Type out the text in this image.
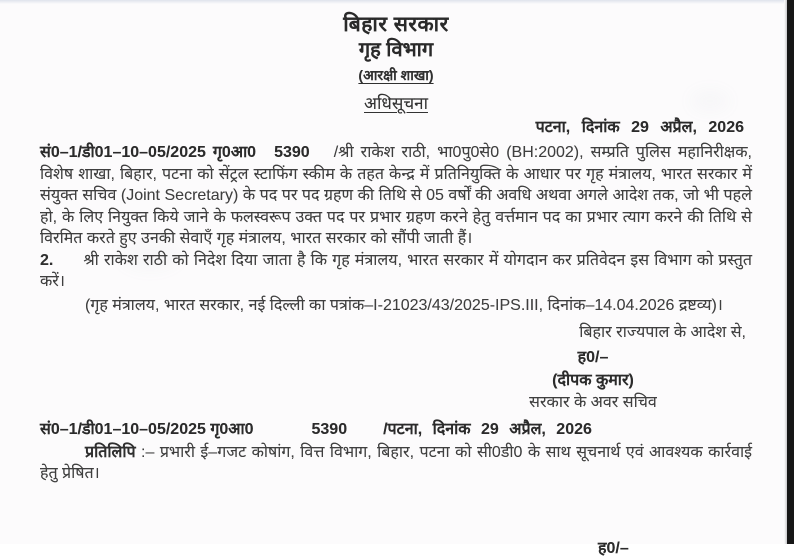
बिहार सरकार
गृह विभाग
(आरक्षी शाखा)
अधिसूचना
पटना, दिनांक 29 अप्रैल, 2026
सं0–1/डी01–10–05/2025 गृ0आ0 5390 /श्री राकेश राठी, भा0पु0से0 (BH:2002), सम्प्रति पुलिस महानिरीक्षक, विशेष शाखा, बिहार, पटना को सेंट्रल स्टाफिंग स्कीम के तहत केन्द्र में प्रतिनियुक्ति के आधार पर गृह मंत्रालय, भारत सरकार में संयुक्त सचिव (Joint Secretary) के पद पर पद ग्रहण की तिथि से 05 वर्षों की अवधि अथवा अगले आदेश तक, जो भी पहले हो, के लिए नियुक्त किये जाने के फलस्वरूप उक्त पद पर प्रभार ग्रहण करने हेतु वर्त्तमान पद का प्रभार त्याग करने की तिथि से विरमित करते हुए उनकी सेवाएँ गृह मंत्रालय, भारत सरकार को सौंपी जाती हैं।
2. श्री राकेश राठी को निदेश दिया जाता है कि गृह मंत्रालय, भारत सरकार में योगदान कर प्रतिवेदन इस विभाग को प्रस्तुत करें।
(गृह मंत्रालय, भारत सरकार, नई दिल्ली का पत्रांक–I-21023/43/2025-IPS.III, दिनांक–14.04.2026 द्रष्टव्य)।
बिहार राज्यपाल के आदेश से,
ह0/–
(दीपक कुमार)
सरकार के अवर सचिव
सं0–1/डी01–10–05/2025 गृ0आ0	5390 /पटना, दिनांक 29 अप्रैल, 2026
प्रतिलिपि :– प्रभारी ई–गजट कोषांग, वित्त विभाग, बिहार, पटना को सी0डी0 के साथ सूचनार्थ एवं आवश्यक कार्रवाई हेतु प्रेषित।
ह0/–
